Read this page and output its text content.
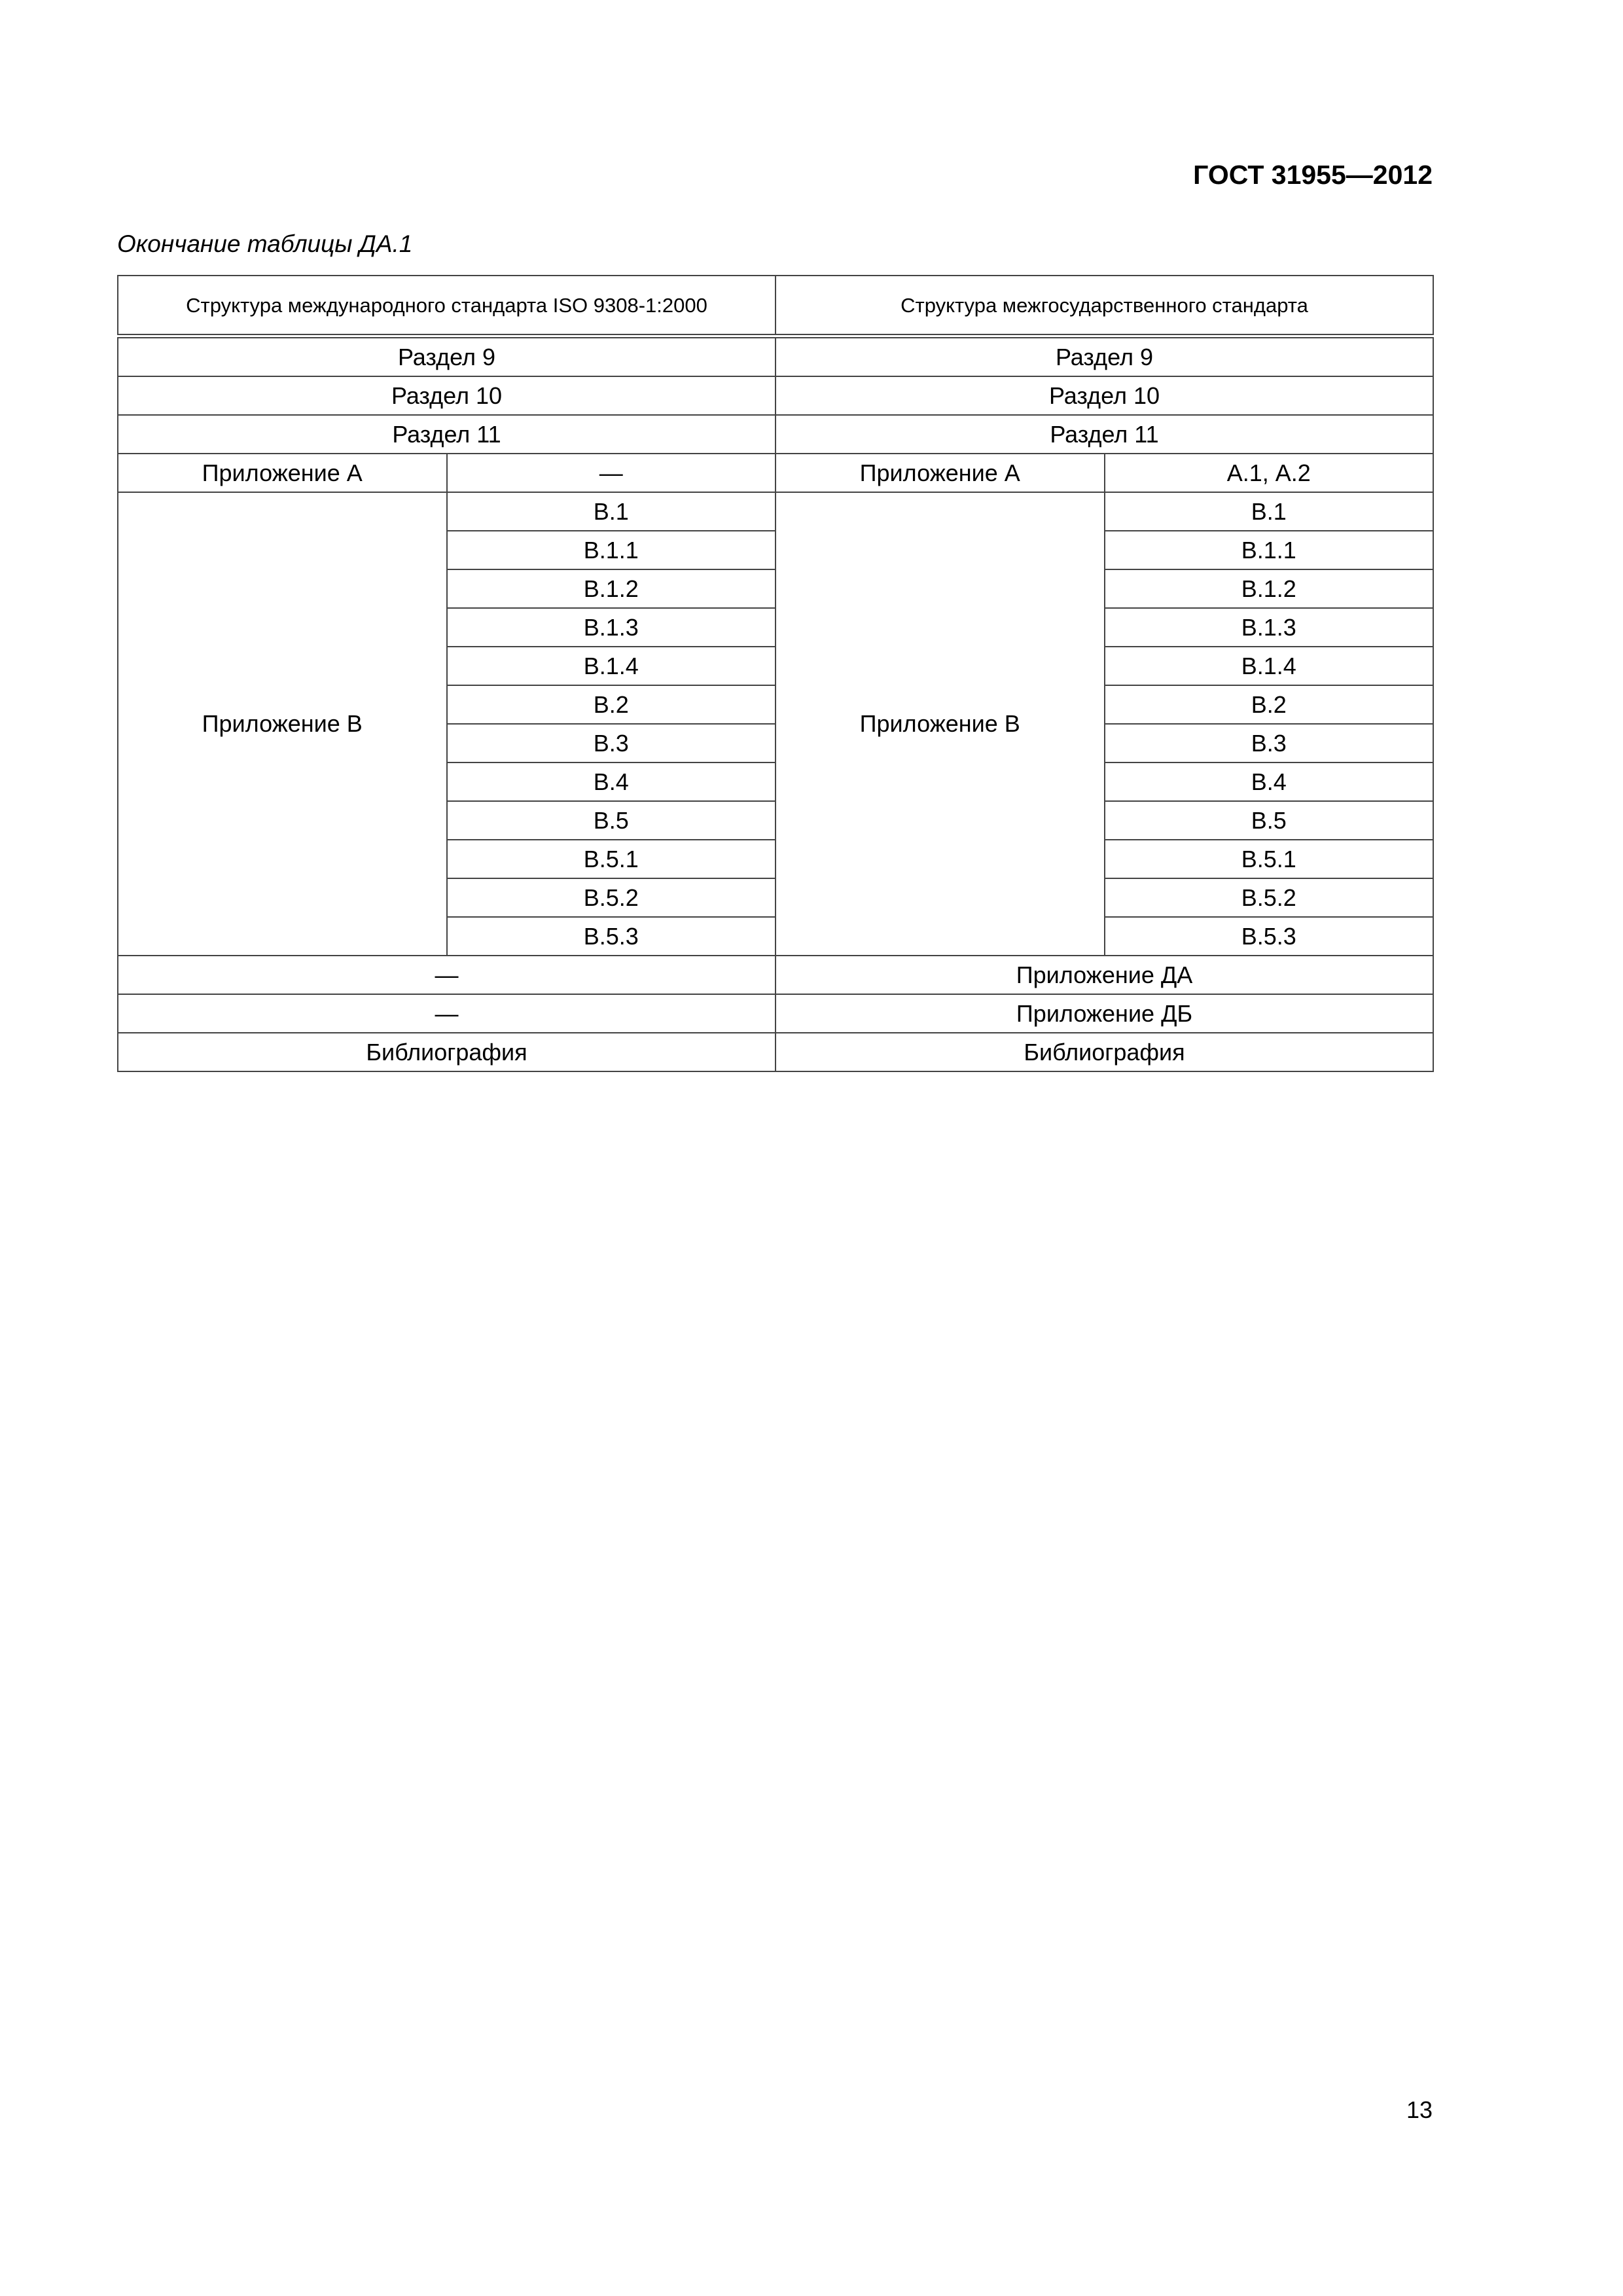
ГОСТ 31955—2012
Окончание таблицы ДА.1
Структура международного стандарта ISO 9308-1:2000		Структура межгосударственного стандарта	
Раздел 9		Раздел 9	
Раздел 10		Раздел 10	
Раздел 11		Раздел 11	
Приложение А	—	Приложение А	А.1, А.2
Приложение В	В.1	Приложение В	В.1
	В.1.1		В.1.1
	В.1.2		В.1.2
	В.1.3		В.1.3
	В.1.4		В.1.4
	В.2		В.2
	В.3		В.3
	В.4		В.4
	В.5		В.5
	В.5.1		В.5.1
	В.5.2		В.5.2
	В.5.3		В.5.3
—		Приложение ДА	
—		Приложение ДБ	
Библиография		Библиография	
13
